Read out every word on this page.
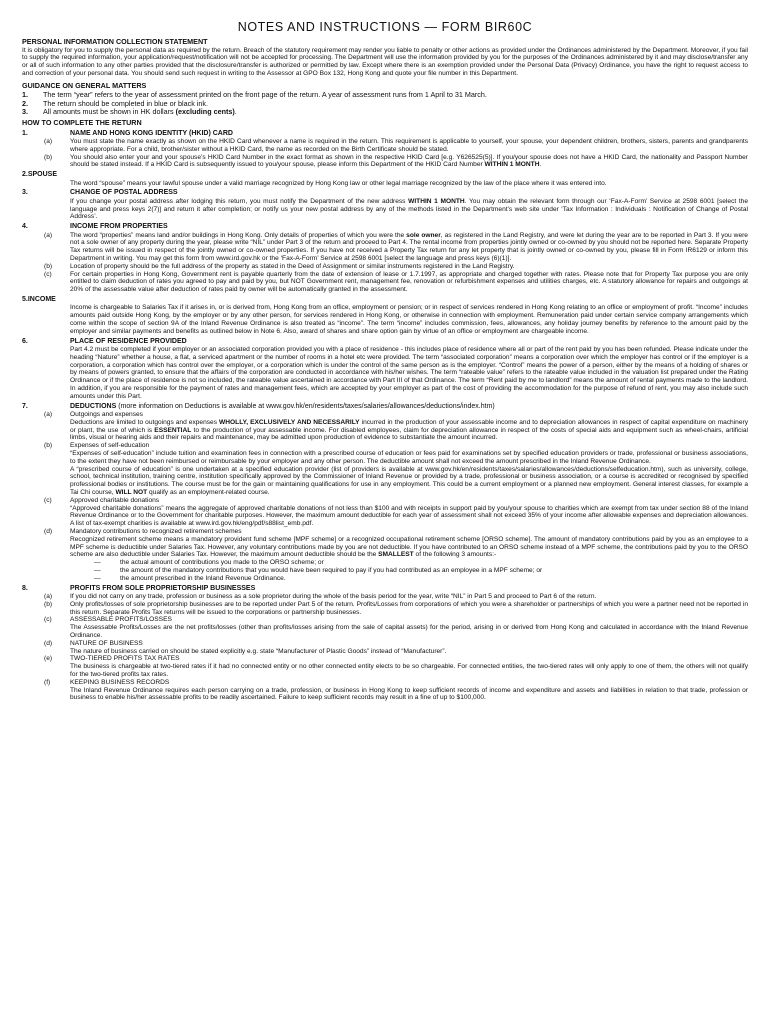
NOTES AND INSTRUCTIONS — FORM BIR60C
PERSONAL INFORMATION COLLECTION STATEMENT

It is obligatory for you to supply the personal data as required by the return. Breach of the statutory requirement may render you liable to penalty or other actions as provided under the Ordinances administered by the Department. Moreover, if you fail to supply the required information, your application/request/notification will not be accepted for processing. The Department will use the information provided by you for the purposes of the Ordinances administered by it and may disclose/transfer any or all of such information to any other parties provided that the disclosure/transfer is authorized or permitted by law. Except where there is an exemption provided under the Personal Data (Privacy) Ordinance, you have the right to request access to and correction of your personal data. You should send such request in writing to the Assessor at GPO Box 132, Hong Kong and quote your file number in this Department.

GUIDANCE ON GENERAL MATTERS
1.	The term “year” refers to the year of assessment printed on the front page of the return. A year of assessment runs from 1 April to 31 March.
2.	The return should be completed in blue or black ink.
3.	All amounts must be shown in HK dollars (excluding cents).
HOW TO COMPLETE THE RETURN
1.	NAME AND HONG KONG IDENTITY (HKID) CARD
(a)	You must state the name exactly as shown on the HKID Card whenever a name is required in the return. This requirement is applicable to yourself, your spouse, your dependent children, brothers, sisters, parents and grandparents where appropriate. For a child, brother/sister without a HKID Card, the name as recorded on the Birth Certificate should be stated.
(b)	You should also enter your and your spouse’s HKID Card Number in the exact format as shown in the respective HKID Card [e.g. Y626525(5)]. If you/your spouse does not have a HKID Card, the nationality and Passport Number should be stated instead. If a HKID Card is subsequently issued to you/your spouse, please inform this Department of the HKID Card Number WITHIN 1 MONTH.
2.SPOUSE

The word “spouse” means your lawful spouse under a valid marriage recognized by Hong Kong law or other legal marriage recognized by the law of the place where it was entered into.

3.	CHANGE OF POSTAL ADDRESS

If you change your postal address after lodging this return, you must notify the Department of the new address WITHIN 1 MONTH. You may obtain the relevant form through our ‘Fax-A-Form’ Service at 2598 6001 [select the language and press keys 2(7)] and return it after completion; or notify us your new postal address by any of the methods listed in the Department’s web site under ‘Tax Information : Individuals : Notification of Change of Postal Address’.

4.	INCOME FROM PROPERTIES
(a)	The word “properties” means land and/or buildings in Hong Kong. Only details of properties of which you were the sole owner, as registered in the Land Registry, and were let during the year are to be reported in Part 3. If you were not a sole owner of any property during the year, please write “NIL” under Part 3 of the return and proceed to Part 4. The rental income from properties jointly owned or co-owned by you should not be reported here. Separate Property Tax returns will be issued in respect of the jointly owned or co-owned properties. If you have not received a Property Tax return for any let property that is jointly owned or co-owned by you, please fill in Form IR6129 or inform this Department in writing. You may get this form from www.ird.gov.hk or the ‘Fax-A-Form’ Service at 2598 6001 [select the language and press keys (6)(1)].
(b)	Location of property should be the full address of the property as stated in the Deed of Assignment or similar instruments registered in the Land Registry.
(c)	For certain properties in Hong Kong, Government rent is payable quarterly from the date of extension of lease or 1.7.1997, as appropriate and charged together with rates. Please note that for Property Tax purpose you are only entitled to claim deduction of rates you agreed to pay and paid by you, but NOT Government rent, management fee, renovation or refurbishment expenses and utilities charges, etc. A statutory allowance for repairs and outgoings at 20% of the assessable value after deduction of rates paid by owner will be automatically granted in the assessment.
5.INCOME

Income is chargeable to Salaries Tax if it arises in, or is derived from, Hong Kong from an office, employment or pension; or in respect of services rendered in Hong Kong relating to an office or employment of profit. “Income” includes amounts paid outside Hong Kong, by the employer or by any other person, for services rendered in Hong Kong, or otherwise in connection with employment. Remuneration paid under certain service company arrangements which come within the scope of section 9A of the Inland Revenue Ordinance is also treated as “income”. The term “income” includes commission, fees, allowances, any holiday journey benefits by reference to the amount paid by the employer and similar payments and benefits as outlined below in Note 6. Also, award of shares and share option gain by virtue of an office or employment are chargeable income.

6.	PLACE OF RESIDENCE PROVIDED

Part 4.2 must be completed if your employer or an associated corporation provided you with a place of residence - this includes place of residence where all or part of the rent paid by you has been refunded. Please indicate under the heading “Nature” whether a house, a flat, a serviced apartment or the number of rooms in a hotel etc were provided. The term “associated corporation” means a corporation over which the employer has control or if the employer is a corporation, a corporation which has control over the employer, or a corporation which is under the control of the same person as is the employer. “Control” means the power of a person, either by the means of a holding of shares or by means of powers granted, to ensure that the affairs of the corporation are conducted in accordance with his/her wishes. The term “rateable value” refers to the rateable value included in the valuation list prepared under the Rating Ordinance or if the place of residence is not so included, the rateable value ascertained in accordance with Part III of that Ordinance. The term “Rent paid by me to landlord” means the amount of rental payments made to the landlord. In addition, if you are responsible for the payment of rates and management fees, which are accepted by your employer as part of the cost of providing the accommodation for the purpose of refund of rent, you may also include such amounts under this Part.

7.	DEDUCTIONS (more information on Deductions is available at www.gov.hk/en/residents/taxes/salaries/allowances/deductions/index.htm)
(a)	Outgoings and expenses
Deductions are limited to outgoings and expenses WHOLLY, EXCLUSIVELY AND NECESSARILY incurred in the production of your assessable income and to depreciation allowances in respect of capital expenditure on machinery or plant, the use of which is ESSENTIAL to the production of your assessable income. For disabled employees, claim for depreciation allowance in respect of the costs of special aids and equipment such as wheel-chairs, artificial limbs, visual or hearing aids and their repairs and maintenance, may be admitted upon production of evidence to substantiate the amount incurred.
(b)	Expenses of self-education
“Expenses of self-education” include tuition and examination fees in connection with a prescribed course of education or fees paid for examinations set by specified education providers or trade, professional or business associations, to the extent they have not been reimbursed or reimbursable by your employer and any other person. The deductible amount shall not exceed the amount prescribed in the Inland Revenue Ordinance.
A “prescribed course of education” is one undertaken at a specified education provider (list of providers is available at www.gov.hk/en/residents/taxes/salaries/allowances/deductions/selfeducation.htm), such as university, college, school, technical institution, training centre, institution specifically approved by the Commissioner of Inland Revenue or provided by a trade, professional or business association, or a course is accredited or recognised by specified professional bodies or institutions. The course must be for the gain or maintaining qualifications for use in any employment. This could be a current employment or a planned new employment. General interest classes, for example a Tai Chi course, WILL NOT qualify as an employment-related course.
(c)	Approved charitable donations
“Approved charitable donations” means the aggregate of approved charitable donations of not less than $100 and with receipts in support paid by you/your spouse to charities which are exempt from tax under section 88 of the Inland Revenue Ordinance or to the Government for charitable purposes. However, the maximum amount deductible for each year of assessment shall not exceed 35% of your income after allowable expenses and depreciation allowances. A list of tax-exempt charities is available at www.ird.gov.hk/eng/pdf/s88list_emb.pdf.
(d)	Mandatory contributions to recognized retirement schemes
Recognized retirement scheme means a mandatory provident fund scheme [MPF scheme] or a recognized occupational retirement scheme [ORSO scheme]. The amount of mandatory contributions paid by you as an employee to a MPF scheme is deductible under Salaries Tax. However, any voluntary contributions made by you are not deductible. If you have contributed to an ORSO scheme instead of a MPF scheme, the contributions paid by you to the ORSO scheme are also deductible under Salaries Tax. However, the maximum amount deductible should be the SMALLEST of the following 3 amounts:-
—	the actual amount of contributions you made to the ORSO scheme; or
—	the amount of the mandatory contributions that you would have been required to pay if you had contributed as an employee in a MPF scheme; or
—	the amount prescribed in the Inland Revenue Ordinance.
8.	PROFITS FROM SOLE PROPRIETORSHIP BUSINESSES
(a)	If you did not carry on any trade, profession or business as a sole proprietor during the whole of the basis period for the year, write “NIL” in Part 5 and proceed to Part 6 of the return.
(b)	Only profits/losses of sole proprietorship businesses are to be reported under Part 5 of the return. Profits/Losses from corporations of which you were a shareholder or partnerships of which you were a partner need not be reported in this return. Separate Profits Tax returns will be issued to the corporations or partnership businesses.
(c)	ASSESSABLE PROFITS/LOSSES
The Assessable Profits/Losses are the net profits/losses (other than profits/losses arising from the sale of capital assets) for the period, arising in or derived from Hong Kong and calculated in accordance with the Inland Revenue Ordinance.
(d)	NATURE OF BUSINESS
The nature of business carried on should be stated explicitly e.g. state “Manufacturer of Plastic Goods” instead of “Manufacturer”.
(e)	TWO-TIERED PROFITS TAX RATES
The business is chargeable at two-tiered rates if it had no connected entity or no other connected entity elects to be so chargeable. For connected entities, the two-tiered rates will only apply to one of them, the others will not qualify for the two-tiered profits tax rates.
(f)	KEEPING BUSINESS RECORDS
The Inland Revenue Ordinance requires each person carrying on a trade, profession, or business in Hong Kong to keep sufficient records of income and expenditure and assets and liabilities in relation to that trade, profession or business to enable his/her assessable profits to be readily ascertained. Failure to keep sufficient records may result in a fine of up to $100,000.
